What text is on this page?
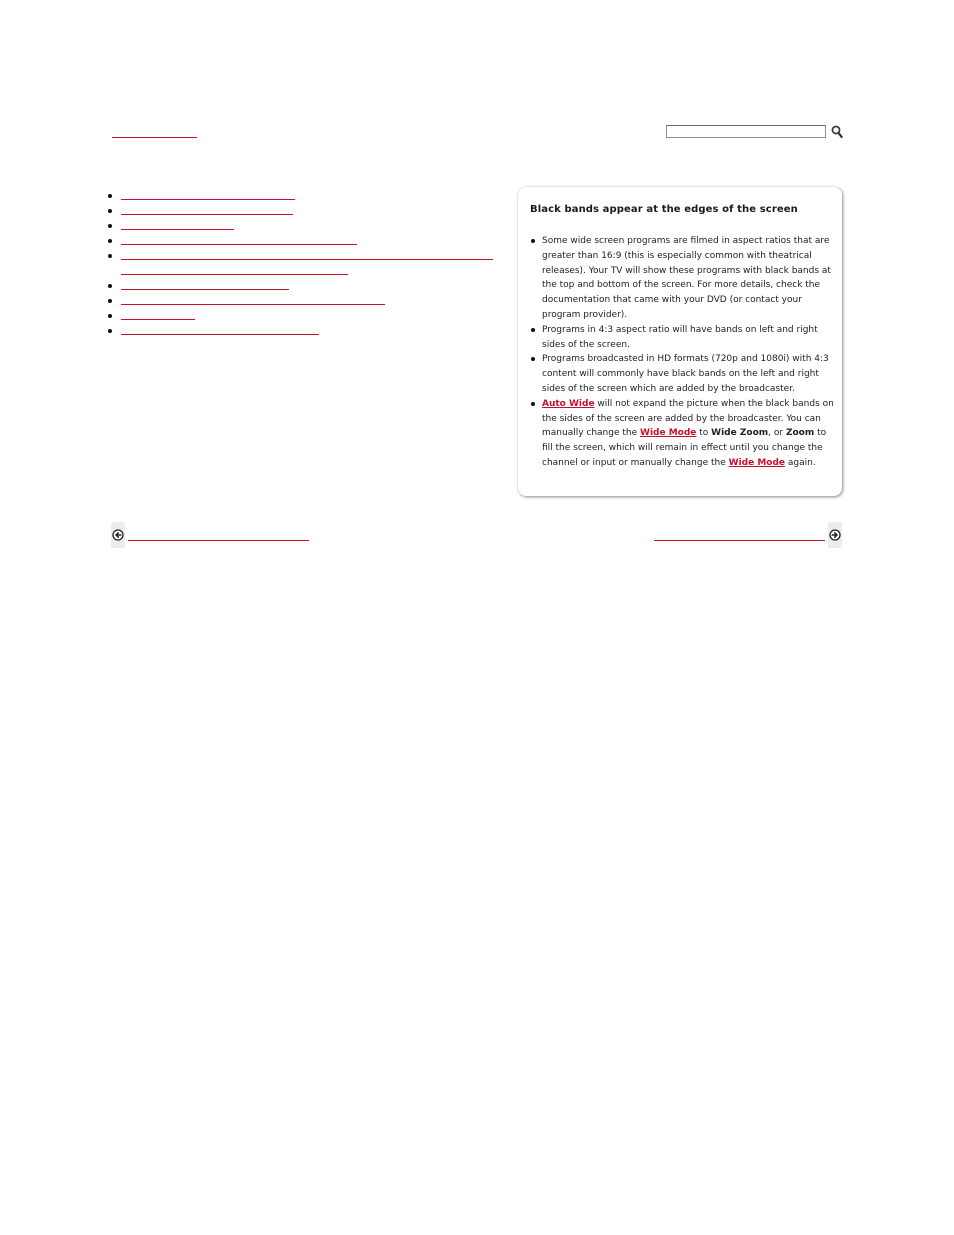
Black bands appear at the edges of the screen
Some wide screen programs are filmed in aspect ratios that are greater than 16:9 (this is especially common with theatrical releases). Your TV will show these programs with black bands at the top and bottom of the screen. For more details, check the documentation that came with your DVD (or contact your program provider).
Programs in 4:3 aspect ratio will have bands on left and right sides of the screen.
Programs broadcasted in HD formats (720p and 1080i) with 4:3 content will commonly have black bands on the left and right sides of the screen which are added by the broadcaster.
Auto Wide will not expand the picture when the black bands on the sides of the screen are added by the broadcaster. You can manually change the Wide Mode to Wide Zoom, or Zoom to fill the screen, which will remain in effect until you change the channel or input or manually change the Wide Mode again.
